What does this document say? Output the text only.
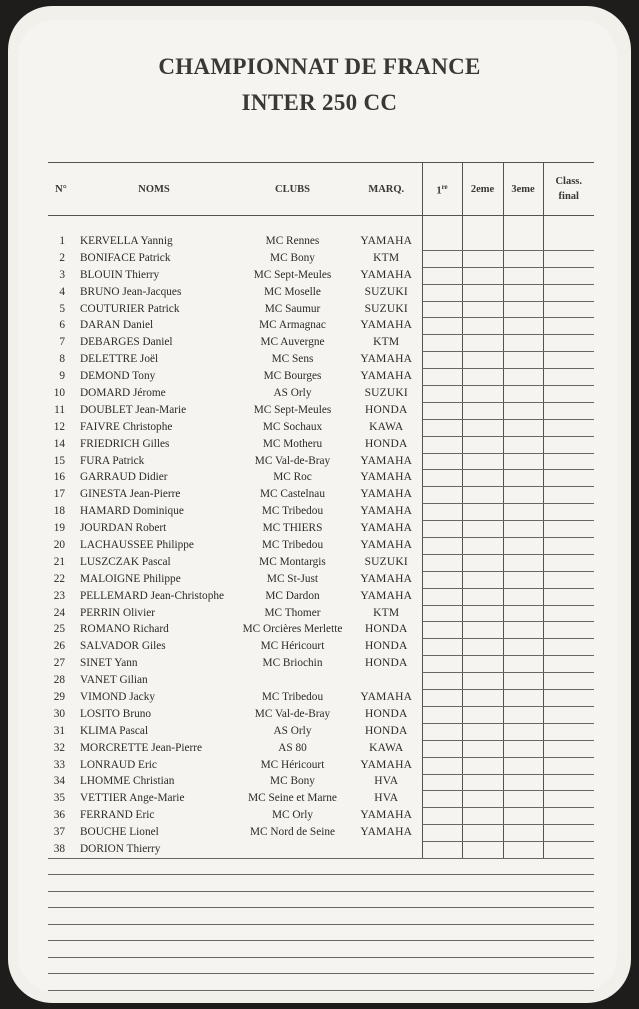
CHAMPIONNAT DE FRANCE
INTER 250 CC
N°	NOMS	CLUBS	MARQ.	1re	2eme	3eme	Class.
final

1	KERVELLA Yannig	MC Rennes	YAMAHA				
2	BONIFACE Patrick	MC Bony	KTM				
3	BLOUIN Thierry	MC Sept-Meules	YAMAHA				
4	BRUNO Jean-Jacques	MC Moselle	SUZUKI				
5	COUTURIER Patrick	MC Saumur	SUZUKI				
6	DARAN Daniel	MC Armagnac	YAMAHA				
7	DEBARGES Daniel	MC Auvergne	KTM				
8	DELETTRE Joël	MC Sens	YAMAHA				
9	DEMOND Tony	MC Bourges	YAMAHA				
10	DOMARD Jérome	AS Orly	SUZUKI				
11	DOUBLET Jean-Marie	MC Sept-Meules	HONDA				
12	FAIVRE Christophe	MC Sochaux	KAWA				
14	FRIEDRICH Gilles	MC Motheru	HONDA				
15	FURA Patrick	MC Val-de-Bray	YAMAHA				
16	GARRAUD Didier	MC Roc	YAMAHA				
17	GINESTA Jean-Pierre	MC Castelnau	YAMAHA				
18	HAMARD Dominique	MC Tribedou	YAMAHA				
19	JOURDAN Robert	MC THIERS	YAMAHA				
20	LACHAUSSEE Philippe	MC Tribedou	YAMAHA				
21	LUSZCZAK Pascal	MC Montargis	SUZUKI				
22	MALOIGNE Philippe	MC St-Just	YAMAHA				
23	PELLEMARD Jean-Christophe	MC Dardon	YAMAHA				
24	PERRIN Olivier	MC Thomer	KTM				
25	ROMANO Richard	MC Orcières Merlette	HONDA				
26	SALVADOR Giles	MC Héricourt	HONDA				
27	SINET Yann	MC Briochin	HONDA				
28	VANET Gilian						
29	VIMOND Jacky	MC Tribedou	YAMAHA				
30	LOSITO Bruno	MC Val-de-Bray	HONDA				
31	KLIMA Pascal	AS Orly	HONDA				
32	MORCRETTE Jean-Pierre	AS 80	KAWA				
33	LONRAUD Eric	MC Héricourt	YAMAHA				
34	LHOMME Christian	MC Bony	HVA				
35	VETTIER Ange-Marie	MC Seine et Marne	HVA				
36	FERRAND Eric	MC Orly	YAMAHA				
37	BOUCHE Lionel	MC Nord de Seine	YAMAHA				
38	DORION Thierry						
